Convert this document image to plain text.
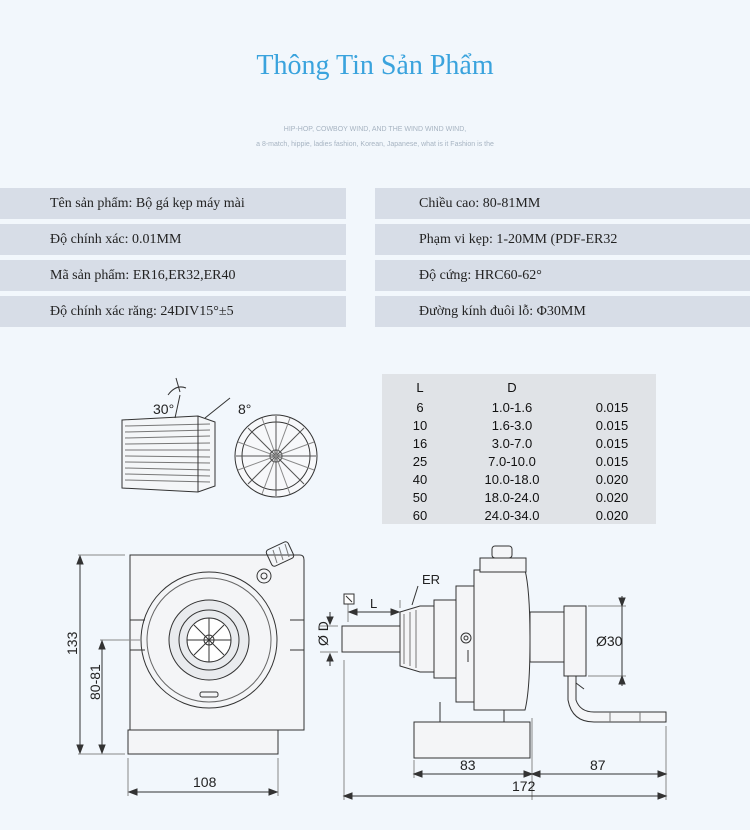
Thông Tin Sản Phẩm
HIP-HOP, COWBOY WIND, AND THE WIND WIND WIND,
a 8-match, hippie, ladies fashion, Korean, Japanese, what is it Fashion is the
Tên sản phẩm: Bộ gá kẹp máy mài
Độ chính xác: 0.01MM
Mã sản phẩm: ER16,ER32,ER40
Độ chính xác răng: 24DIV15°±5
Chiều cao: 80-81MM
Phạm vi kẹp: 1-20MM (PDF-ER32
Độ cứng: HRC60-62°
Đường kính đuôi lỗ: Φ30MM
L	D
6	1.0-1.6	0.015
10	1.6-3.0	0.015
16	3.0-7.0	0.015
25	7.0-10.0	0.015
40	10.0-18.0	0.020
50	18.0-24.0	0.020
60	24.0-34.0	0.020
30°	8°
133
80-81
108
ER
L
Ø D	Ø30
83	87
172
